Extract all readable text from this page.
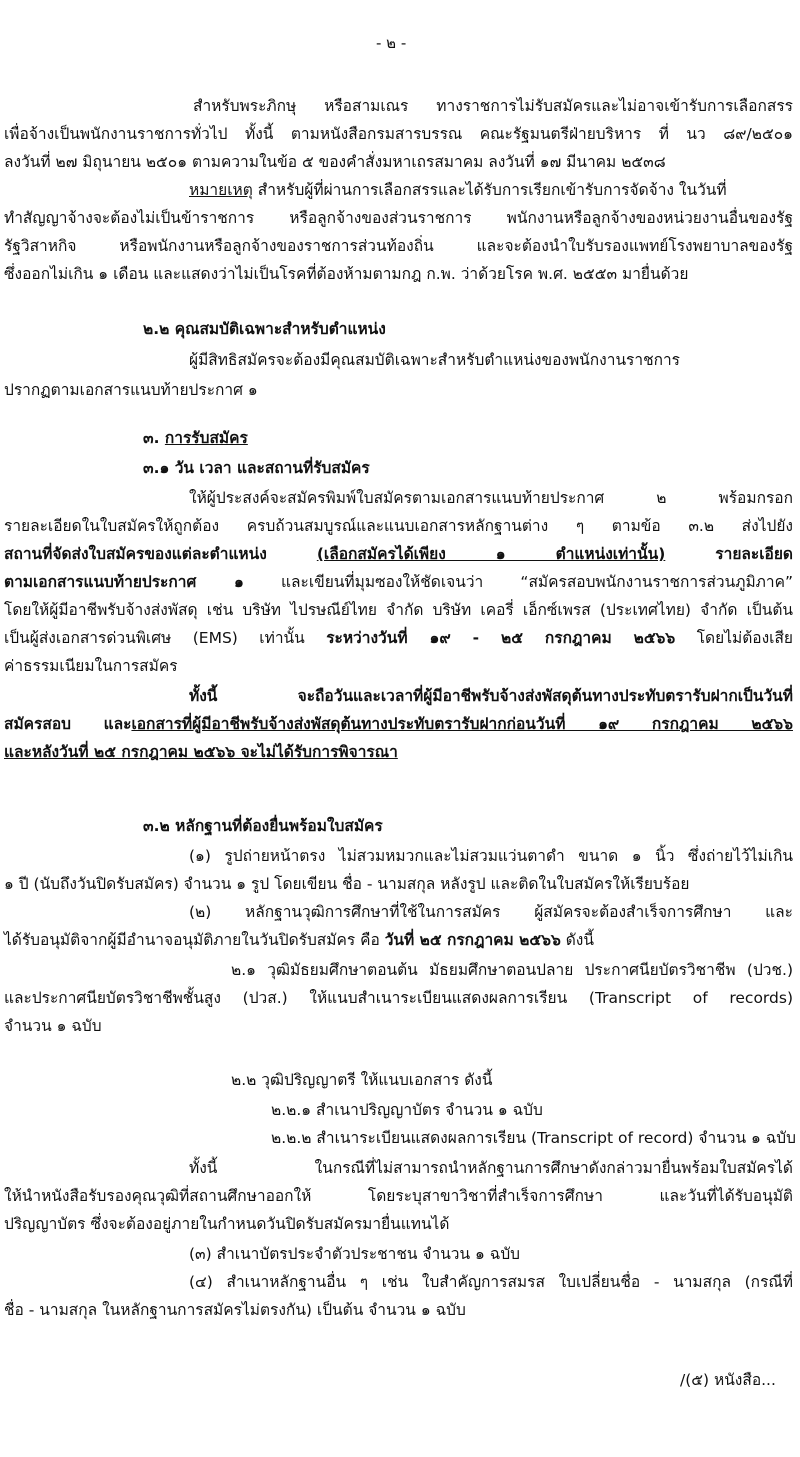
- ๒ -
สำหรับพระภิกษุ หรือสามเณร ทางราชการไม่รับสมัครและไม่อาจเข้ารับการเลือกสรร
เพื่อจ้างเป็นพนักงานราชการทั่วไป ทั้งนี้ ตามหนังสือกรมสารบรรณ คณะรัฐมนตรีฝ่ายบริหาร ที่ นว ๘๙/๒๕๐๑
ลงวันที่ ๒๗ มิถุนายน ๒๕๐๑ ตามความในข้อ ๕ ของคำสั่งมหาเถรสมาคม ลงวันที่ ๑๗ มีนาคม ๒๕๓๘
หมายเหตุ สำหรับผู้ที่ผ่านการเลือกสรรและได้รับการเรียกเข้ารับการจัดจ้าง ในวันที่
ทำสัญญาจ้างจะต้องไม่เป็นข้าราชการ หรือลูกจ้างของส่วนราชการ พนักงานหรือลูกจ้างของหน่วยงานอื่นของรัฐ
รัฐวิสาหกิจ หรือพนักงานหรือลูกจ้างของราชการส่วนท้องถิ่น และจะต้องนำใบรับรองแพทย์โรงพยาบาลของรัฐ
ซึ่งออกไม่เกิน ๑ เดือน และแสดงว่าไม่เป็นโรคที่ต้องห้ามตามกฎ ก.พ. ว่าด้วยโรค พ.ศ. ๒๕๕๓ มายื่นด้วย
๒.๒ คุณสมบัติเฉพาะสำหรับตำแหน่ง
ผู้มีสิทธิสมัครจะต้องมีคุณสมบัติเฉพาะสำหรับตำแหน่งของพนักงานราชการ
ปรากฏตามเอกสารแนบท้ายประกาศ ๑
๓. การรับสมัคร
๓.๑ วัน เวลา และสถานที่รับสมัคร
ให้ผู้ประสงค์จะสมัครพิมพ์ใบสมัครตามเอกสารแนบท้ายประกาศ ๒ พร้อมกรอก
รายละเอียดในใบสมัครให้ถูกต้อง ครบถ้วนสมบูรณ์และแนบเอกสารหลักฐานต่าง ๆ ตามข้อ ๓.๒ ส่งไปยัง
สถานที่จัดส่งใบสมัครของแต่ละตำแหน่ง (เลือกสมัครได้เพียง ๑ ตำแหน่งเท่านั้น) รายละเอียด
ตามเอกสารแนบท้ายประกาศ ๑ และเขียนที่มุมซองให้ชัดเจนว่า “สมัครสอบพนักงานราชการส่วนภูมิภาค”
โดยให้ผู้มีอาชีพรับจ้างส่งพัสดุ เช่น บริษัท ไปรษณีย์ไทย จำกัด บริษัท เคอรี่ เอ็กซ์เพรส (ประเทศไทย) จำกัด เป็นต้น
เป็นผู้ส่งเอกสารด่วนพิเศษ (EMS) เท่านั้น ระหว่างวันที่ ๑๙ - ๒๕ กรกฎาคม ๒๕๖๖ โดยไม่ต้องเสีย
ค่าธรรมเนียมในการสมัคร
ทั้งนี้ จะถือวันและเวลาที่ผู้มีอาชีพรับจ้างส่งพัสดุต้นทางประทับตรารับฝากเป็นวันที่
สมัครสอบ และเอกสารที่ผู้มีอาชีพรับจ้างส่งพัสดุต้นทางประทับตรารับฝากก่อนวันที่ ๑๙ กรกฎาคม ๒๕๖๖
และหลังวันที่ ๒๕ กรกฎาคม ๒๕๖๖ จะไม่ได้รับการพิจารณา
๓.๒ หลักฐานที่ต้องยื่นพร้อมใบสมัคร
(๑) รูปถ่ายหน้าตรง ไม่สวมหมวกและไม่สวมแว่นตาดำ ขนาด ๑ นิ้ว ซึ่งถ่ายไว้ไม่เกิน
๑ ปี (นับถึงวันปิดรับสมัคร) จำนวน ๑ รูป โดยเขียน ชื่อ - นามสกุล หลังรูป และติดในใบสมัครให้เรียบร้อย
(๒) หลักฐานวุฒิการศึกษาที่ใช้ในการสมัคร ผู้สมัครจะต้องสำเร็จการศึกษา และ
ได้รับอนุมัติจากผู้มีอำนาจอนุมัติภายในวันปิดรับสมัคร คือ วันที่ ๒๕ กรกฎาคม ๒๕๖๖ ดังนี้
๒.๑ วุฒิมัธยมศึกษาตอนต้น มัธยมศึกษาตอนปลาย ประกาศนียบัตรวิชาชีพ (ปวช.)
และประกาศนียบัตรวิชาชีพชั้นสูง (ปวส.) ให้แนบสำเนาระเบียนแสดงผลการเรียน (Transcript of records)
จำนวน ๑ ฉบับ
๒.๒ วุฒิปริญญาตรี ให้แนบเอกสาร ดังนี้
๒.๒.๑ สำเนาปริญญาบัตร จำนวน ๑ ฉบับ
๒.๒.๒ สำเนาระเบียนแสดงผลการเรียน (Transcript of record) จำนวน ๑ ฉบับ
ทั้งนี้ ในกรณีที่ไม่สามารถนำหลักฐานการศึกษาดังกล่าวมายื่นพร้อมใบสมัครได้
ให้นำหนังสือรับรองคุณวุฒิที่สถานศึกษาออกให้ โดยระบุสาขาวิชาที่สำเร็จการศึกษา และวันที่ได้รับอนุมัติ
ปริญญาบัตร ซึ่งจะต้องอยู่ภายในกำหนดวันปิดรับสมัครมายื่นแทนได้
(๓) สำเนาบัตรประจำตัวประชาชน จำนวน ๑ ฉบับ
(๔) สำเนาหลักฐานอื่น ๆ เช่น ใบสำคัญการสมรส ใบเปลี่ยนชื่อ - นามสกุล (กรณีที่
ชื่อ - นามสกุล ในหลักฐานการสมัครไม่ตรงกัน) เป็นต้น จำนวน ๑ ฉบับ
/(๕) หนังสือ...
